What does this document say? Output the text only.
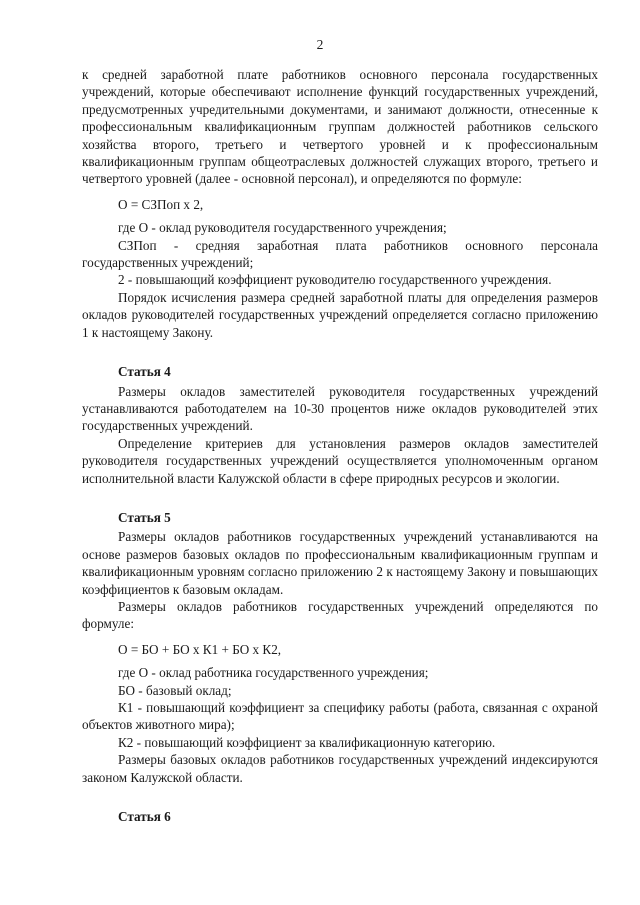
2

к средней заработной плате работников основного персонала государственных учреждений, которые обеспечивают исполнение функций государственных учреждений, предусмотренных учредительными документами, и занимают должности, отнесенные к профессиональным квалификационным группам должностей работников сельского хозяйства второго, третьего и четвертого уровней и к профессиональным квалификационным группам общеотраслевых должностей служащих второго, третьего и четвертого уровней (далее - основной персонал), и определяются по формуле:

О = СЗПоп х 2,

где О - оклад руководителя государственного учреждения;

СЗПоп - средняя заработная плата работников основного персонала государственных учреждений;

2 - повышающий коэффициент руководителю государственного учреждения.

Порядок исчисления размера средней заработной платы для определения размеров окладов руководителей государственных учреждений определяется согласно приложению 1 к настоящему Закону.

Статья 4

Размеры окладов заместителей руководителя государственных учреждений устанавливаются работодателем на 10-30 процентов ниже окладов руководителей этих государственных учреждений.

Определение критериев для установления размеров окладов заместителей руководителя государственных учреждений осуществляется уполномоченным органом исполнительной власти Калужской области в сфере природных ресурсов и экологии.

Статья 5

Размеры окладов работников государственных учреждений устанавливаются на основе размеров базовых окладов по профессиональным квалификационным группам и квалификационным уровням согласно приложению 2 к настоящему Закону и повышающих коэффициентов к базовым окладам.

Размеры окладов работников государственных учреждений определяются по формуле:

О = БО + БО х К1 + БО х К2,

где О - оклад работника государственного учреждения;

БО - базовый оклад;

К1 - повышающий коэффициент за специфику работы (работа, связанная с охраной объектов животного мира);

К2 - повышающий коэффициент за квалификационную категорию.

Размеры базовых окладов работников государственных учреждений индексируются законом Калужской области.

Статья 6
